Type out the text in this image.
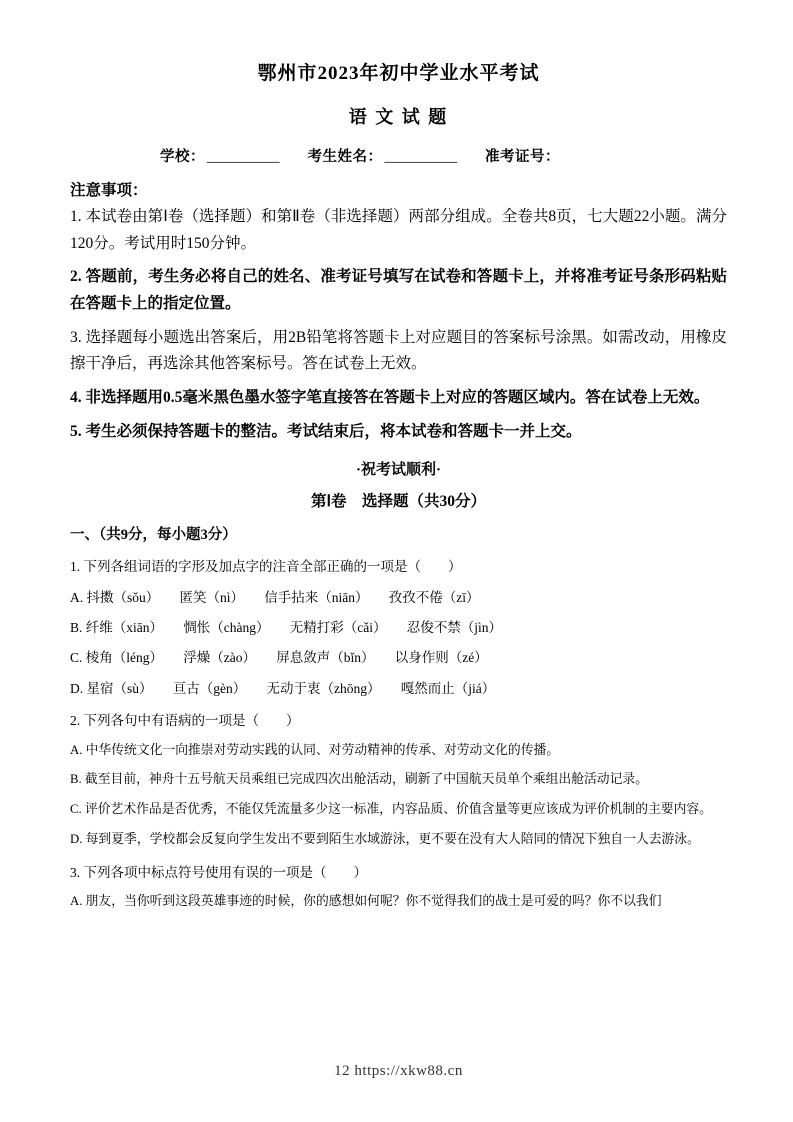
鄂州市2023年初中学业水平考试
语 文 试 题
学校： __________ 考生姓名： __________ 准考证号：
注意事项：

1. 本试卷由第Ⅰ卷（选择题）和第Ⅱ卷（非选择题）两部分组成。全卷共8页，七大题22小题。满分120分。考试用时150分钟。

2. 答题前，考生务必将自己的姓名、准考证号填写在试卷和答题卡上，并将准考证号条形码粘贴在答题卡上的指定位置。

3. 选择题每小题选出答案后，用2B铅笔将答题卡上对应题目的答案标号涂黑。如需改动，用橡皮擦干净后，再选涂其他答案标号。答在试卷上无效。

4. 非选择题用0.5毫米黑色墨水签字笔直接答在答题卡上对应的答题区域内。答在试卷上无效。

5. 考生必须保持答题卡的整洁。考试结束后，将本试卷和答题卡一并上交。

·祝考试顺利·
第Ⅰ卷　选择题（共30分）
一、（共9分，每小题3分）

1. 下列各组词语的字形及加点字的注音全部正确的一项是（　　）

A. 抖擞（sǒu）　　匿笑（nì）　　信手拈来（niān）　　孜孜不倦（zī）

B. 纤维（xiān）　　惆怅（chàng）　　无精打彩（cǎi）　　忍俊不禁（jìn）

C. 棱角（léng）　　浮燥（zào）　　屏息敛声（bǐn）　　以身作则（zé）

D. 星宿（sù）　　亘古（gèn）　　无动于衷（zhōng）　　嘎然而止（jiá）

2. 下列各句中有语病的一项是（　　）

A. 中华传统文化一向推崇对劳动实践的认同、对劳动精神的传承、对劳动文化的传播。

B. 截至目前，神舟十五号航天员乘组已完成四次出舱活动，刷新了中国航天员单个乘组出舱活动记录。

C. 评价艺术作品是否优秀，不能仅凭流量多少这一标准，内容品质、价值含量等更应该成为评价机制的主要内容。

D. 每到夏季，学校都会反复向学生发出不要到陌生水域游泳，更不要在没有大人陪同的情况下独自一人去游泳。

3. 下列各项中标点符号使用有误的一项是（　　）

A. 朋友，当你听到这段英雄事迹的时候，你的感想如何呢？你不觉得我们的战士是可爱的吗？你不以我们

12 https://xkw88.cn
